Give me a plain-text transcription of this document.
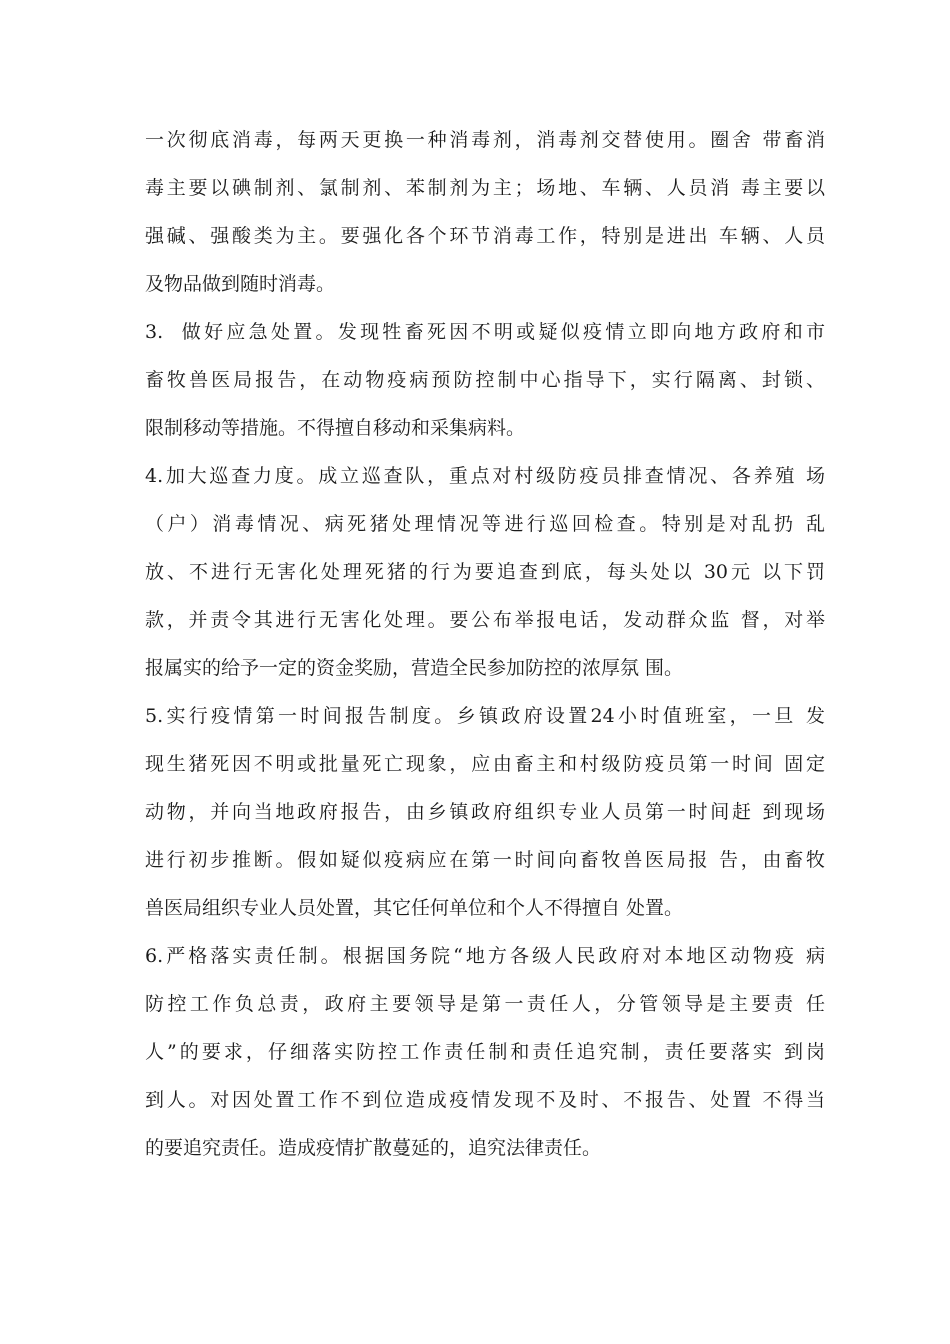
一次彻底消毒，每两天更换一种消毒剂，消毒剂交替使用。圈舍 带畜消
毒主要以碘制剂、氯制剂、苯制剂为主；场地、车辆、人员消 毒主要以
强碱、强酸类为主。要强化各个环节消毒工作，特别是进出 车辆、人员
及物品做到随时消毒。
3.  做好应急处置。发现牲畜死因不明或疑似疫情立即向地方政府和市
畜牧兽医局报告，在动物疫病预防控制中心指导下，实行隔离、封锁、
限制移动等措施。不得擅自移动和采集病料。
4.加大巡查力度。成立巡查队，重点对村级防疫员排查情况、各养殖 场
（户）消毒情况、病死猪处理情况等进行巡回检查。特别是对乱扔 乱
放、不进行无害化处理死猪的行为要追查到底，每头处以 30元 以下罚
款，并责令其进行无害化处理。要公布举报电话，发动群众监 督，对举
报属实的给予一定的资金奖励，营造全民参加防控的浓厚氛 围。
5.实行疫情第一时间报告制度。乡镇政府设置24小时值班室，一旦 发
现生猪死因不明或批量死亡现象，应由畜主和村级防疫员第一时间 固定
动物，并向当地政府报告，由乡镇政府组织专业人员第一时间赶 到现场
进行初步推断。假如疑似疫病应在第一时间向畜牧兽医局报 告，由畜牧
兽医局组织专业人员处置，其它任何单位和个人不得擅自 处置。
6.严格落实责任制。根据国务院“地方各级人民政府对本地区动物疫 病
防控工作负总责，政府主要领导是第一责任人，分管领导是主要责 任
人”的要求，仔细落实防控工作责任制和责任追究制，责任要落实 到岗
到人。对因处置工作不到位造成疫情发现不及时、不报告、处置 不得当
的要追究责任。造成疫情扩散蔓延的，追究法律责任。
